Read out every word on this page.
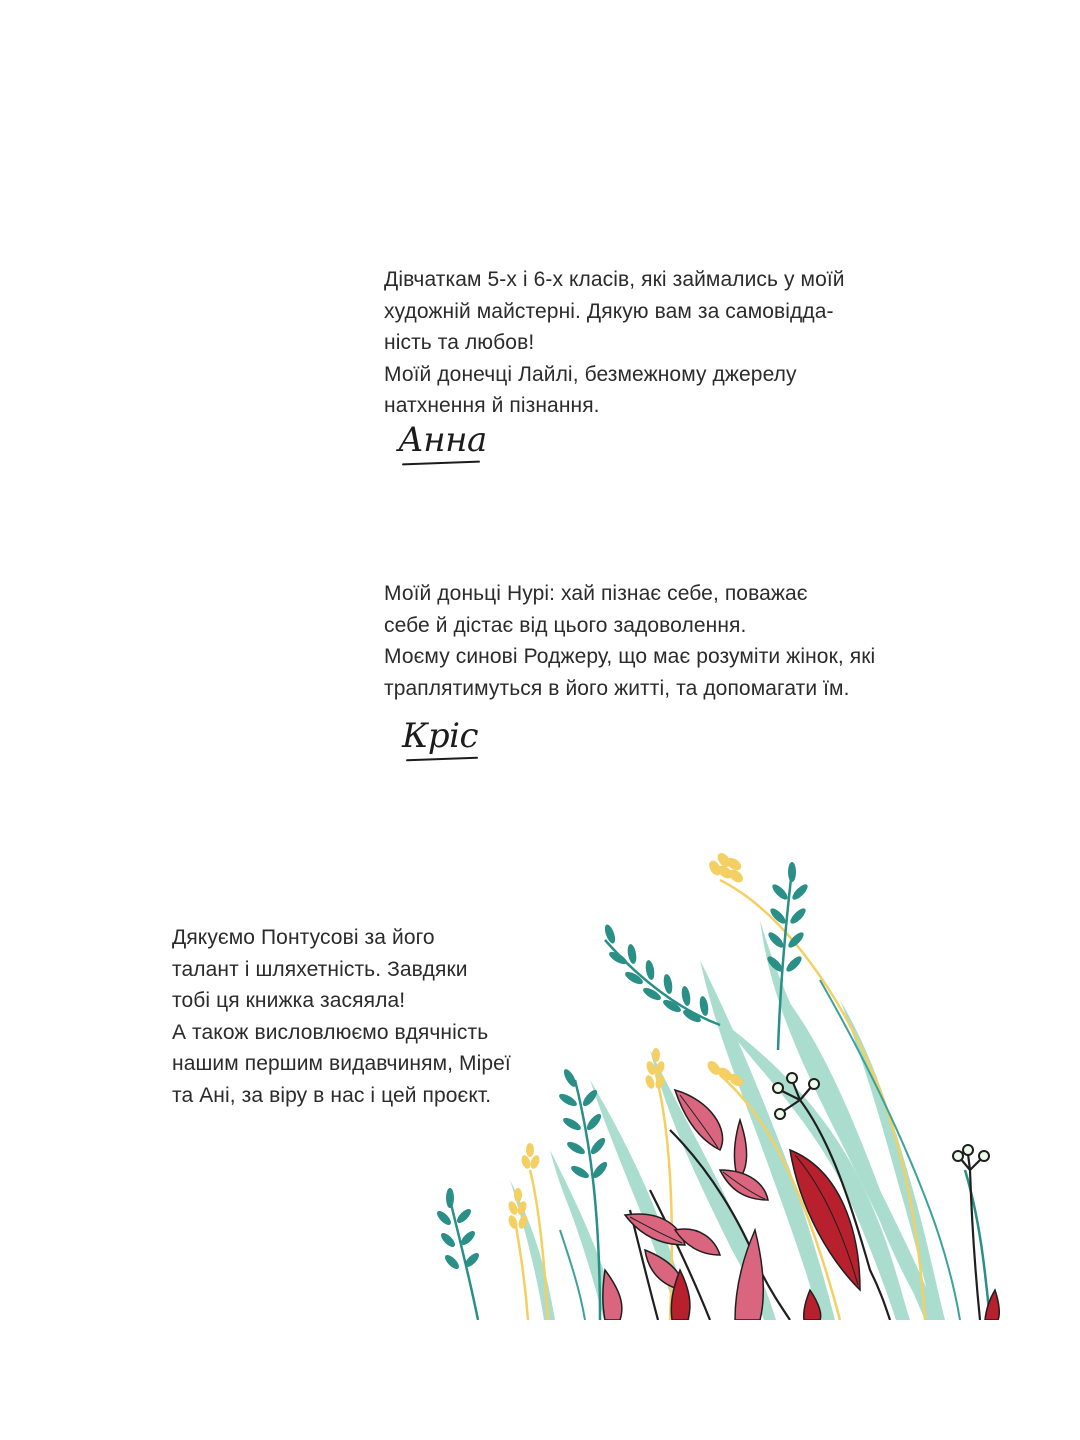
Дівчаткам 5-х і 6-х класів, які займались у моїй

художній майстерні. Дякую вам за самовідда-

ність та любов!

Моїй донечці Лайлі, безмежному джерелу

натхнення й пізнання.

Анна

Моїй доньці Нурі: хай пізнає себе, поважає

себе й дістає від цього задоволення.

Моєму синові Роджеру, що має розуміти жінок, які

траплятимуться в його житті, та допомагати їм.

Кріс

Дякуємо Понтусові за його

талант і шляхетність. Завдяки

тобі ця книжка засяяла!

А також висловлюємо вдячність

нашим першим видавчиням, Міреї

та Ані, за віру в нас і цей проєкт.
